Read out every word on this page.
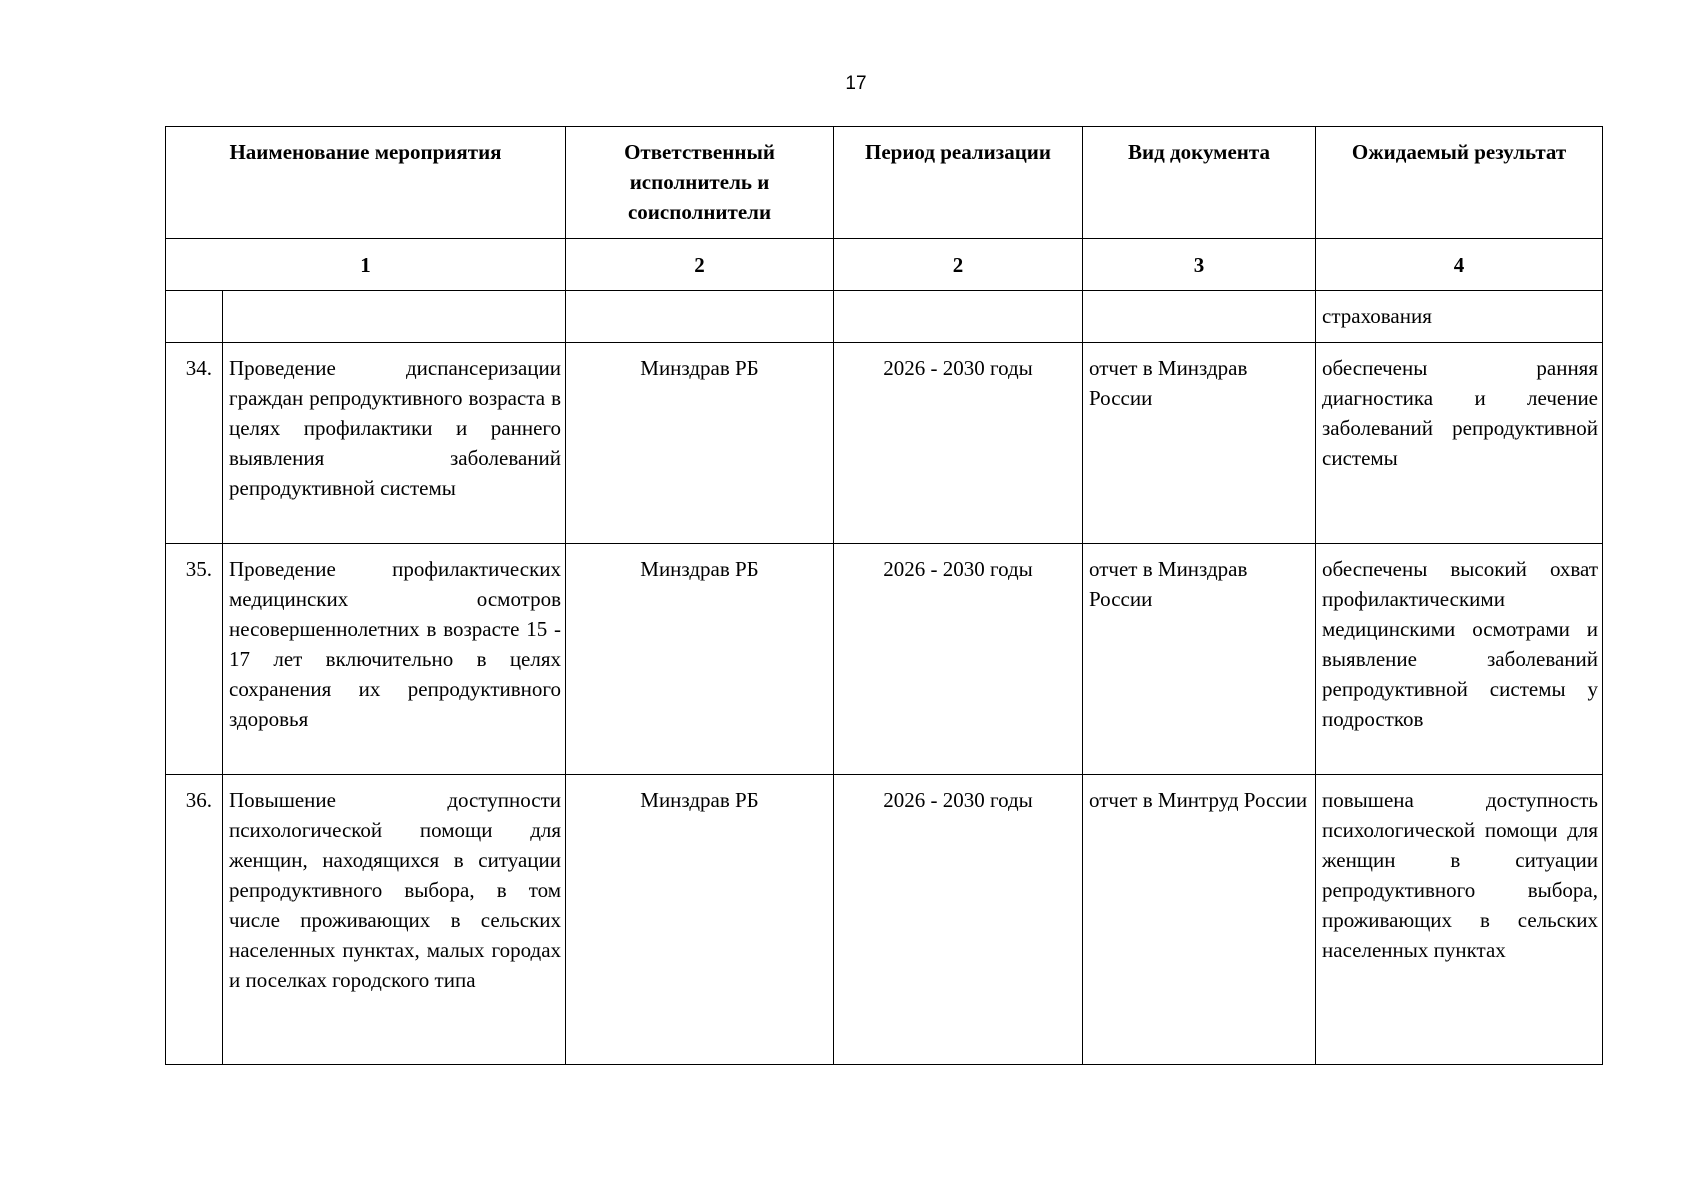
17
Наименование мероприятия		Ответственный исполнитель и соисполнители	Период реализации	Вид документа	Ожидаемый результат
1		2	2	3	4
					страхования
34.	Проведение диспансеризации граждан репродуктивного возраста в целях профилактики и раннего выявления заболеваний репродуктивной системы	Минздрав РБ	2026 - 2030 годы	отчет в Минздрав России	обеспечены ранняя диагностика и лечение заболеваний репродуктивной системы
35.	Проведение профилактических медицинских осмотров несовершеннолетних в возрасте 15 - 17 лет включительно в целях сохранения их репродуктивного здоровья	Минздрав РБ	2026 - 2030 годы	отчет в Минздрав России	обеспечены высокий охват профилактическими медицинскими осмотрами и выявление заболеваний репродуктивной системы у подростков
36.	Повышение доступности психологической помощи для женщин, находящихся в ситуации репродуктивного выбора, в том числе проживающих в сельских населенных пунктах, малых городах и поселках городского типа	Минздрав РБ	2026 - 2030 годы	отчет в Минтруд России	повышена доступность психологической помощи для женщин в ситуации репродуктивного выбора, проживающих в сельских населенных пунктах
